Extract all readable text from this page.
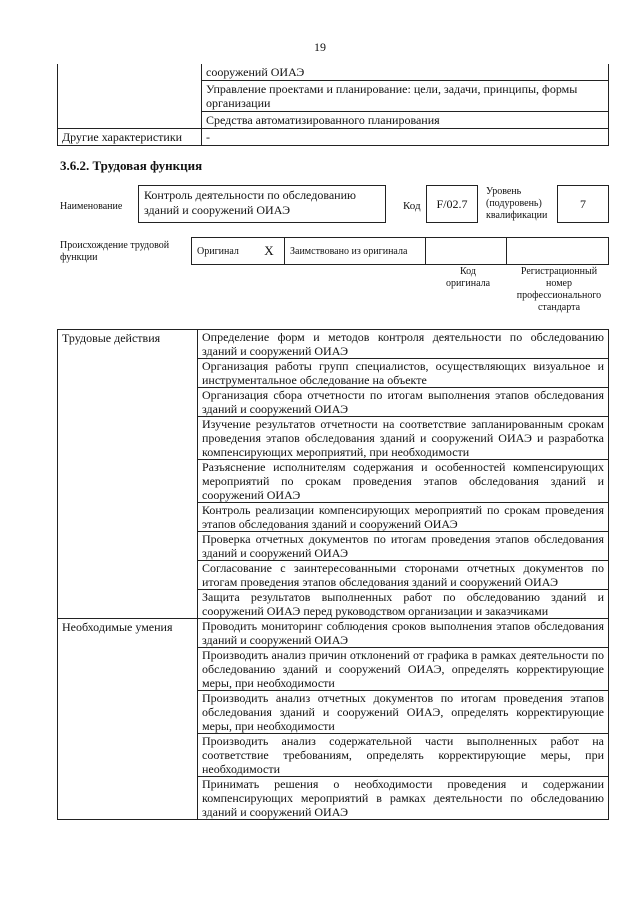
19
	сооружений ОИАЭ
	Управление проектами и планирование: цели, задачи, принципы, формы организации
	Средства автоматизированного планирования
Другие характеристики	-
3.6.2. Трудовая функция
Наименование
Контроль деятельности по обследованию зданий и сооружений ОИАЭ	Код	F/02.7
Уровень (подуровень) квалификации
7
Происхождение трудовой функции
Оригинал	X	Заимствовано из оригинала		
Код оригинала
Регистрационный номер профессионального стандарта
Трудовые действия	Определение форм и методов контроля деятельности по обследованию зданий и сооружений ОИАЭ
	Организация работы групп специалистов, осуществляющих визуальное и инструментальное обследование на объекте
	Организация сбора отчетности по итогам выполнения этапов обследования зданий и сооружений ОИАЭ
	Изучение результатов отчетности на соответствие запланированным срокам проведения этапов обследования зданий и сооружений ОИАЭ и разработка компенсирующих мероприятий, при необходимости
	Разъяснение исполнителям содержания и особенностей компенсирующих мероприятий по срокам проведения этапов обследования зданий и сооружений ОИАЭ
	Контроль реализации компенсирующих мероприятий по срокам проведения этапов обследования зданий и сооружений ОИАЭ
	Проверка отчетных документов по итогам проведения этапов обследования зданий и сооружений ОИАЭ
	Согласование с заинтересованными сторонами отчетных документов по итогам проведения этапов обследования зданий и сооружений ОИАЭ
	Защита результатов выполненных работ по обследованию зданий и сооружений ОИАЭ перед руководством организации и заказчиками
Необходимые умения	Проводить мониторинг соблюдения сроков выполнения этапов обследования зданий и сооружений ОИАЭ
	Производить анализ причин отклонений от графика в рамках деятельности по обследованию зданий и сооружений ОИАЭ, определять корректирующие меры, при необходимости
	Производить анализ отчетных документов по итогам проведения этапов обследования зданий и сооружений ОИАЭ, определять корректирующие меры, при необходимости
	Производить анализ содержательной части выполненных работ на соответствие требованиям, определять корректирующие меры, при необходимости
	Принимать решения о необходимости проведения и содержании компенсирующих мероприятий в рамках деятельности по обследованию зданий и сооружений ОИАЭ
